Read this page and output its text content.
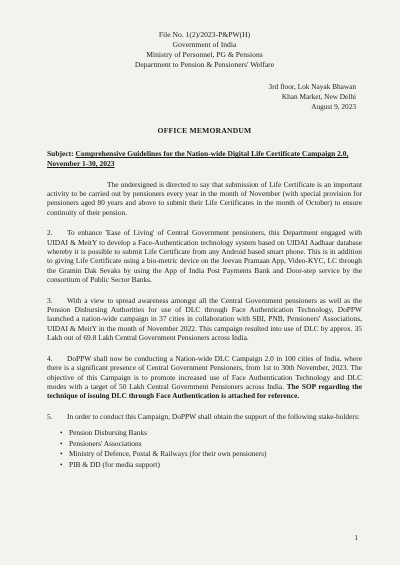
File No. 1(2)/2023-P&PW(H)
Government of India
Ministry of Personnel, PG & Pensions
Department to Pension & Pensioners' Welfare
3rd floor, Lok Nayak Bhawan
Khan Market, New Delhi
August 9, 2023
OFFICE MEMORANDUM
Subject: Comprehensive Guidelines for the Nation-wide Digital Life Certificate Campaign 2.0, November 1-30, 2023

The undersigned is directed to say that submission of Life Certificate is an important activity to be carried out by pensioners every year in the month of November (with special provision for pensioners aged 80 years and above to submit their Life Certificates in the month of October) to ensure continuity of their pension.

2. To enhance 'Ease of Living' of Central Government pensioners, this Department engaged with UIDAI & MeitY to develop a Face-Authentication technology system based on UIDAI Aadhaar database whereby it is possible to submit Life Certificate from any Android based smart phone. This is in addition to giving Life Certificate using a bio-metric device on the Jeevan Pramaan App, Video-KYC, LC through the Gramin Dak Sevaks by using the App of India Post Payments Bank and Door-step service by the consortium of Public Sector Banks.

3. With a view to spread awareness amongst all the Central Government pensioners as well as the Pension Disbursing Authorities for use of DLC through Face Authentication Technology, DoPPW launched a nation-wide campaign in 37 cities in collaboration with SBI, PNB, Pensioners' Associations, UIDAI & MeitY in the month of November 2022. This campaign resulted into use of DLC by approx. 35 Lakh out of 69.8 Lakh Central Government Pensioners across India.

4. DoPPW shall now be conducting a Nation-wide DLC Campaign 2.0 in 100 cities of India, where there is a significant presence of Central Government Pensioners, from 1st to 30th November, 2023. The objective of this Campaign is to promote increased use of Face Authentication Technology and DLC modes with a target of 50 Lakh Central Government Pensioners across India. The SOP regarding the technique of issuing DLC through Face Authentication is attached for reference.

5. In order to conduct this Campaign, DoPPW shall obtain the support of the following stake-holders:

• Pension Disbursing Banks
• Pensioners' Associations
• Ministry of Defence, Postal & Railways (for their own pensioners)
• PIB & DD (for media support)
1
